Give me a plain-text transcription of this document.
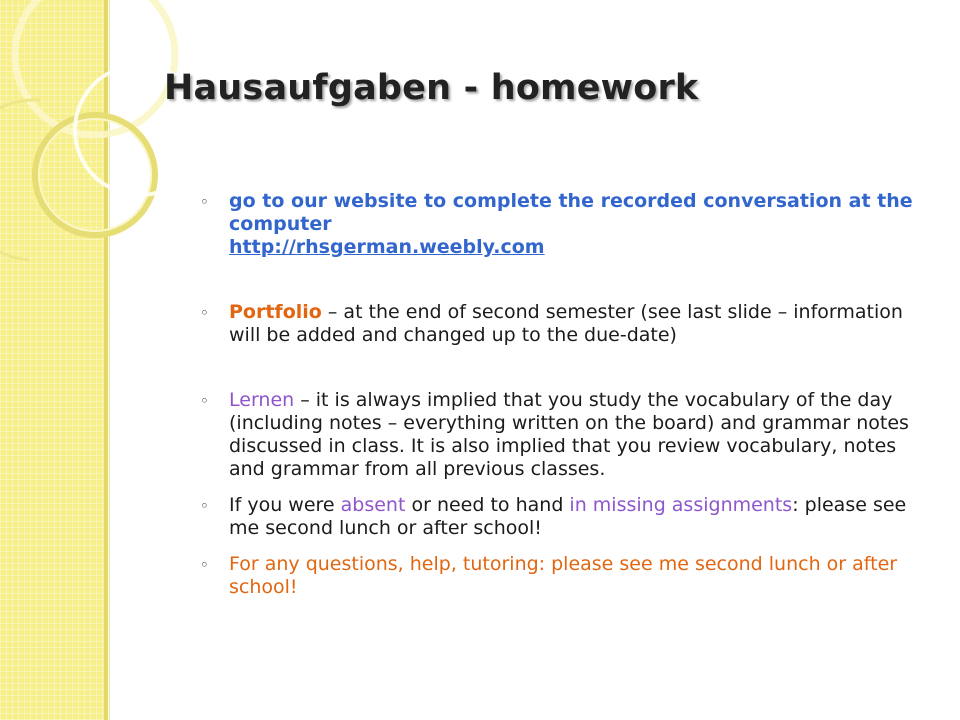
Hausaufgaben - homework
◦ go to our website to complete the recorded conversation at the computer
http://rhsgerman.weebly.com
◦ Portfolio – at the end of second semester (see last slide – information will be added and changed up to the due-date)
◦ Lernen – it is always implied that you study the vocabulary of the day (including notes – everything written on the board) and grammar notes discussed in class. It is also implied that you review vocabulary, notes and grammar from all previous classes.
◦ If you were absent or need to hand in missing assignments: please see me second lunch or after school!
◦ For any questions, help, tutoring: please see me second lunch or after school!
